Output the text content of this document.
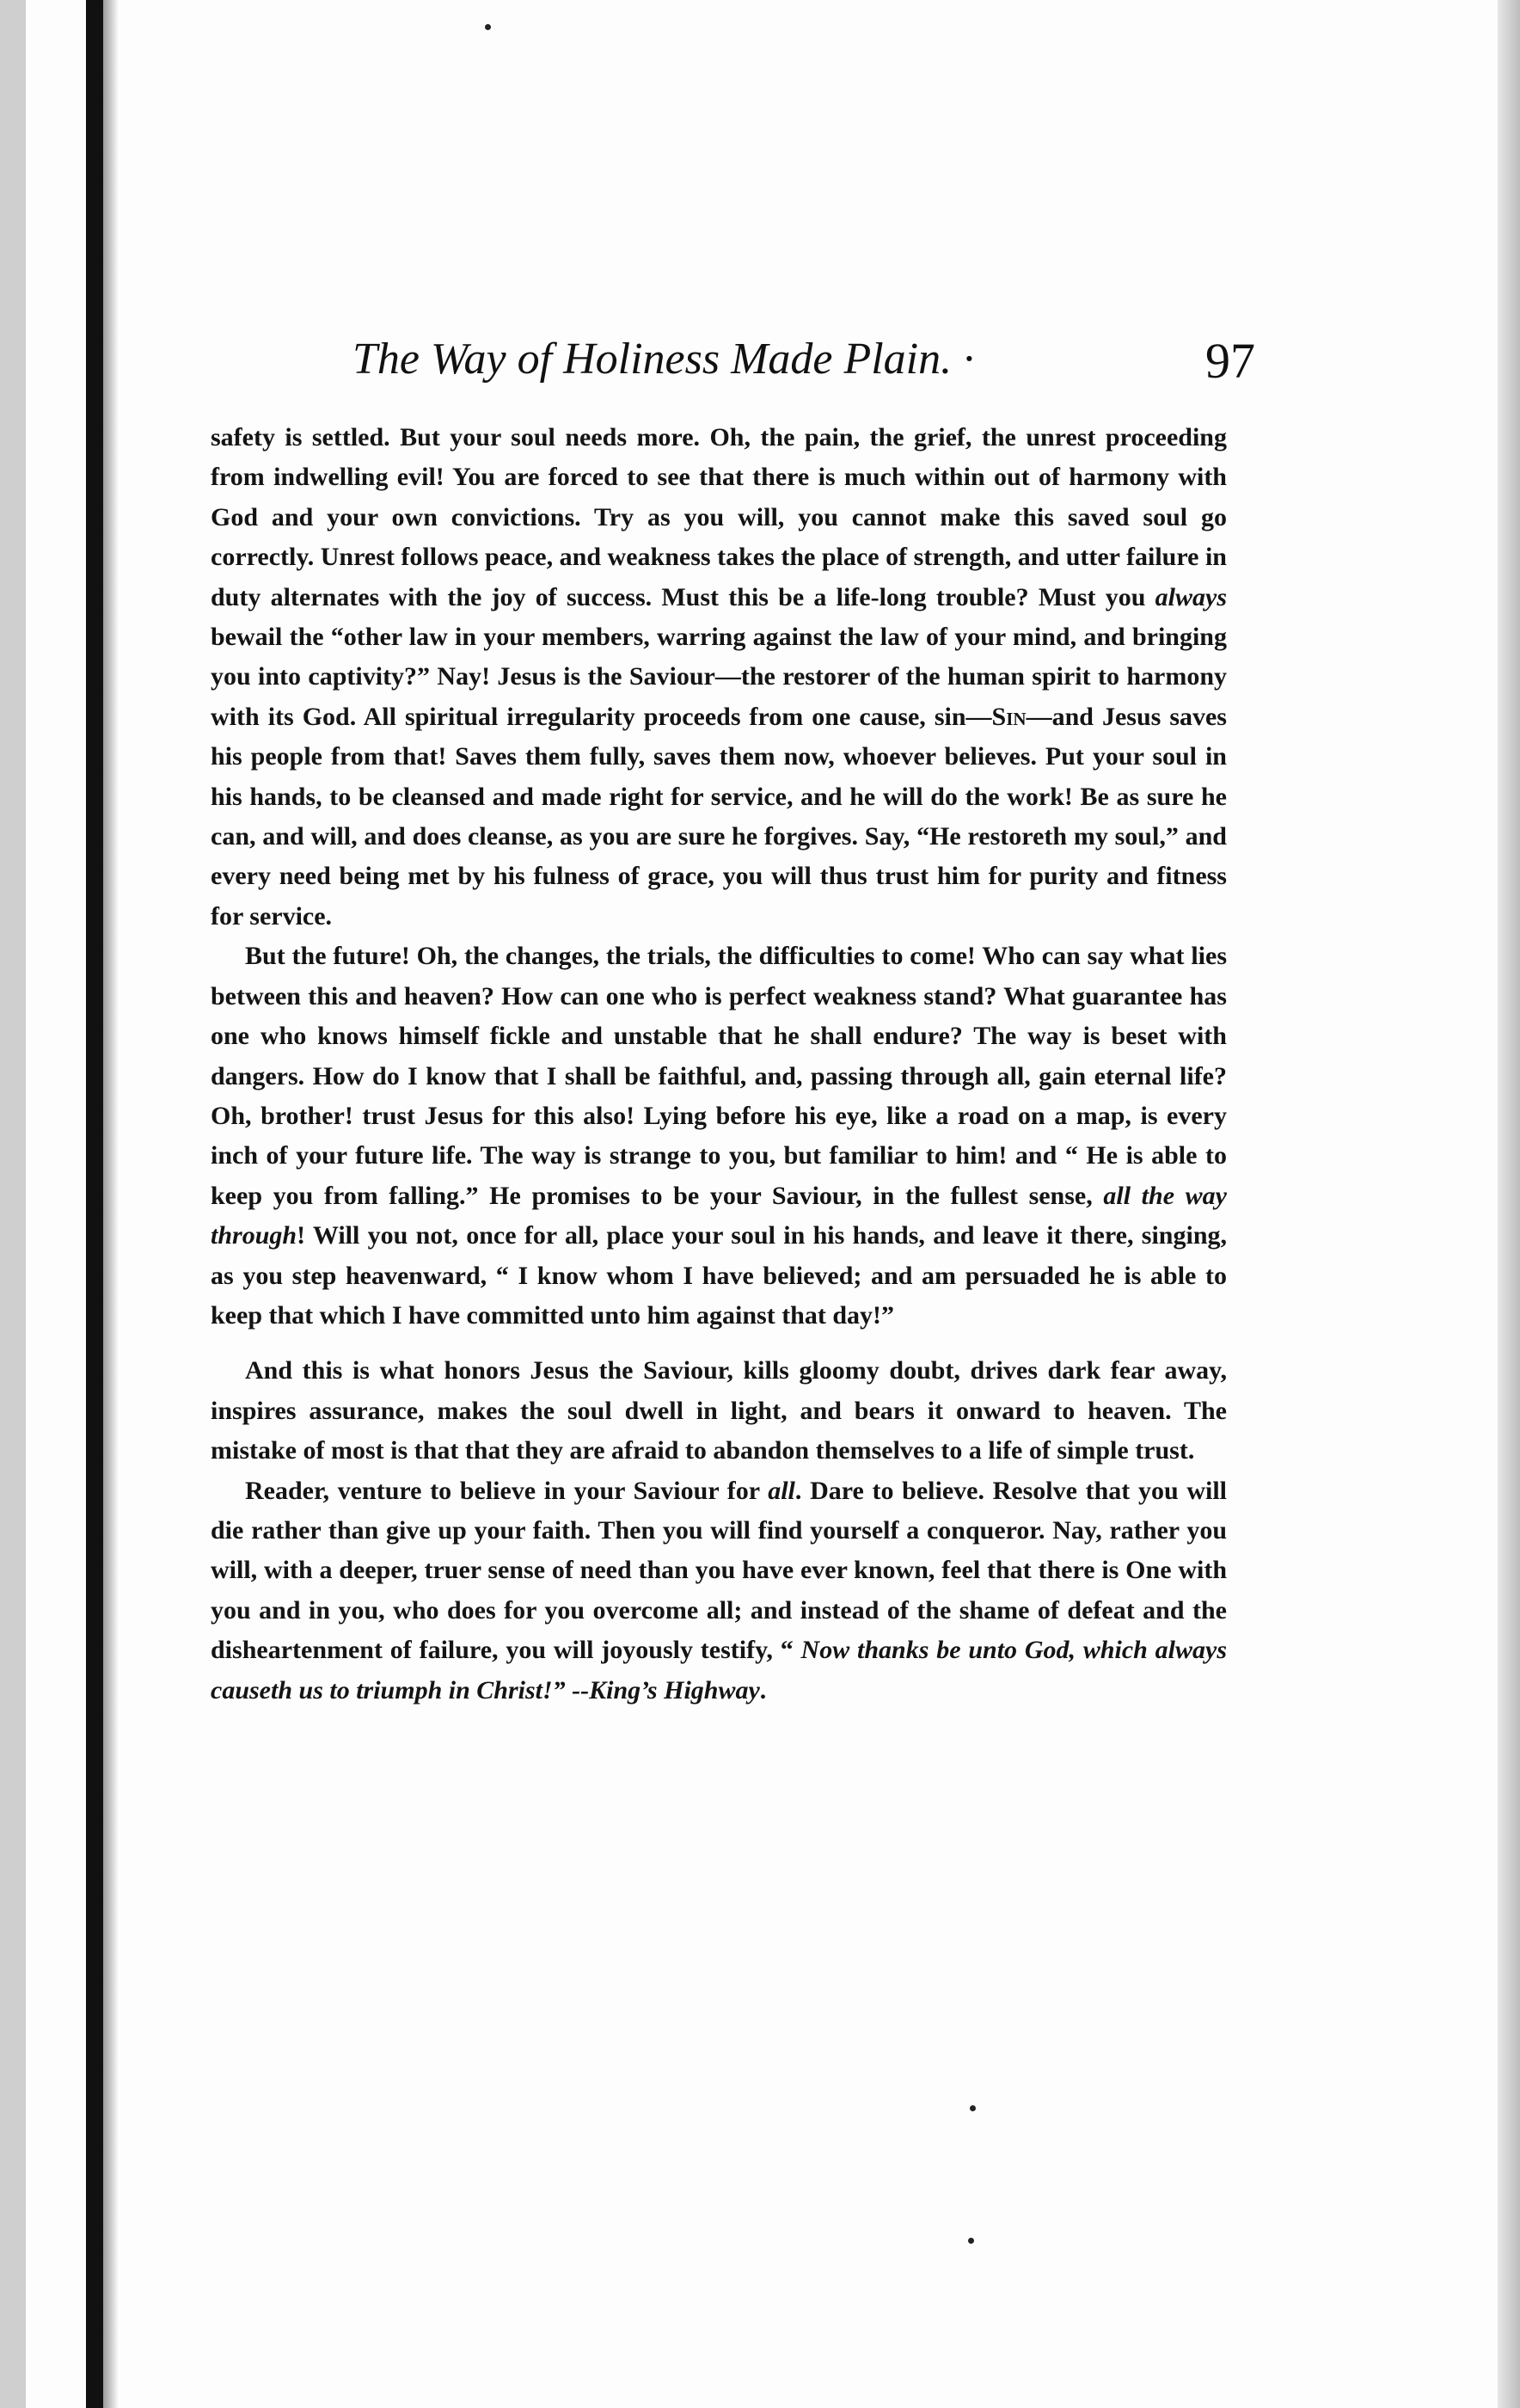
The Way of Holiness Made Plain. ·	97

safety is settled. But your soul needs more. Oh, the pain, the grief, the unrest proceeding from indwelling evil! You are forced to see that there is much within out of harmony with God and your own convictions. Try as you will, you cannot make this saved soul go correctly. Unrest follows peace, and weakness takes the place of strength, and utter failure in duty alternates with the joy of success. Must this be a life-long trouble? Must you always bewail the “other law in your members, warring against the law of your mind, and bringing you into captivity?” Nay! Jesus is the Saviour—the restorer of the human spirit to harmony with its God. All spiritual irregularity proceeds from one cause, sin—Sin—and Jesus saves his people from that! Saves them fully, saves them now, whoever believes. Put your soul in his hands, to be cleansed and made right for service, and he will do the work! Be as sure he can, and will, and does cleanse, as you are sure he forgives. Say, “He restoreth my soul,” and every need being met by his fulness of grace, you will thus trust him for purity and fitness for service.

But the future! Oh, the changes, the trials, the difficulties to come! Who can say what lies between this and heaven? How can one who is perfect weakness stand? What guarantee has one who knows himself fickle and unstable that he shall endure? The way is beset with dangers. How do I know that I shall be faithful, and, passing through all, gain eternal life? Oh, brother! trust Jesus for this also! Lying before his eye, like a road on a map, is every inch of your future life. The way is strange to you, but familiar to him! and “ He is able to keep you from falling.” He promises to be your Saviour, in the fullest sense, all the way through! Will you not, once for all, place your soul in his hands, and leave it there, singing, as you step heavenward, “ I know whom I have believed; and am persuaded he is able to keep that which I have committed unto him against that day!”

And this is what honors Jesus the Saviour, kills gloomy doubt, drives dark fear away, inspires assurance, makes the soul dwell in light, and bears it onward to heaven. The mistake of most is that that they are afraid to abandon themselves to a life of simple trust.

Reader, venture to believe in your Saviour for all. Dare to believe. Resolve that you will die rather than give up your faith. Then you will find yourself a conqueror. Nay, rather you will, with a deeper, truer sense of need than you have ever known, feel that there is One with you and in you, who does for you overcome all; and instead of the shame of defeat and the disheartenment of failure, you will joyously testify, “ Now thanks be unto God, which always causeth us to triumph in Christ!” --King’s Highway.
